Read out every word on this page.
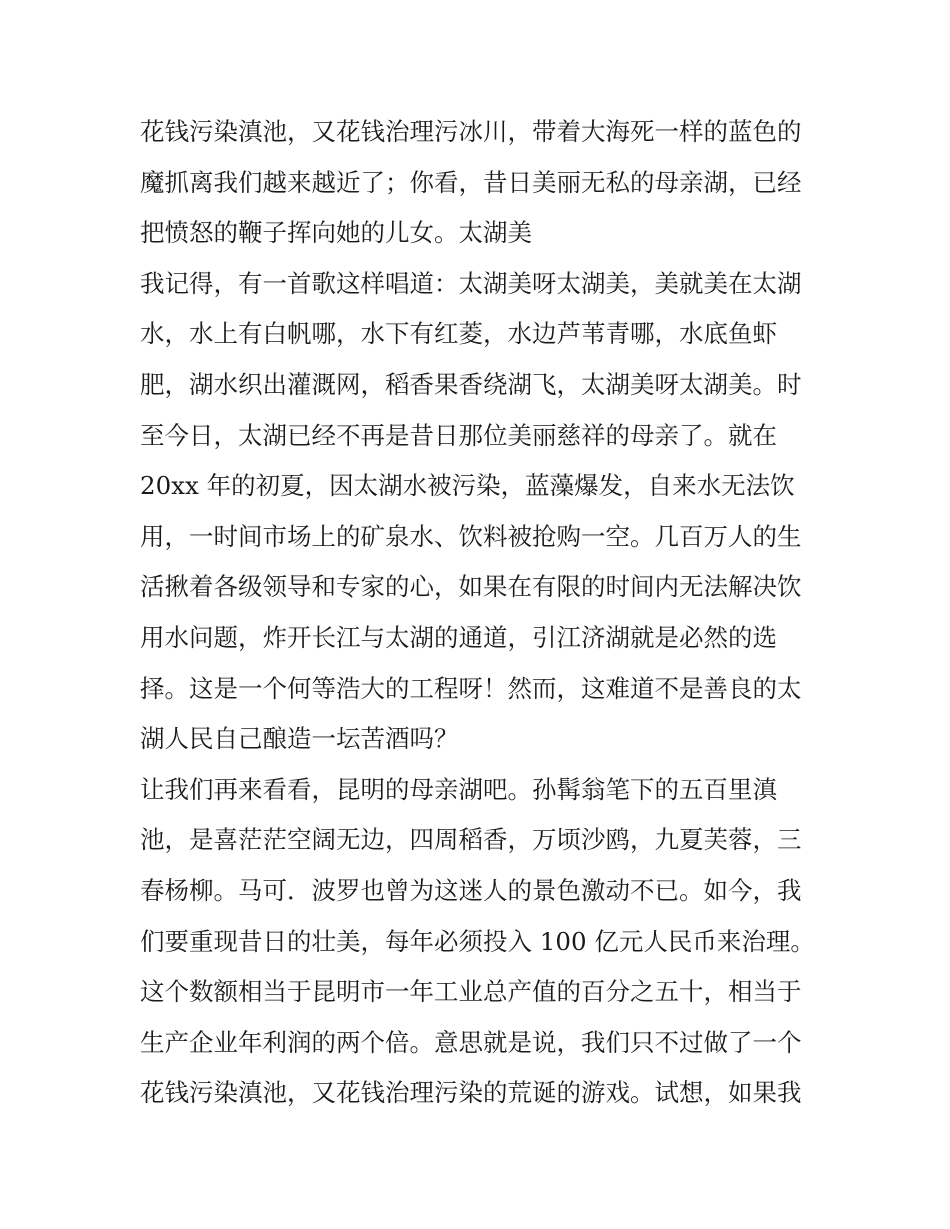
花钱污染滇池，又花钱治理污冰川，带着大海死一样的蓝色的
魔抓离我们越来越近了；你看，昔日美丽无私的母亲湖，已经
把愤怒的鞭子挥向她的儿女。太湖美
我记得，有一首歌这样唱道：太湖美呀太湖美，美就美在太湖
水，水上有白帆哪，水下有红菱，水边芦苇青哪，水底鱼虾
肥，湖水织出灌溉网，稻香果香绕湖飞，太湖美呀太湖美。时
至今日，太湖已经不再是昔日那位美丽慈祥的母亲了。就在
20xx 年的初夏，因太湖水被污染，蓝藻爆发，自来水无法饮
用，一时间市场上的矿泉水、饮料被抢购一空。几百万人的生
活揪着各级领导和专家的心，如果在有限的时间内无法解决饮
用水问题，炸开长江与太湖的通道，引江济湖就是必然的选
择。这是一个何等浩大的工程呀！然而，这难道不是善良的太
湖人民自己酿造一坛苦酒吗？
让我们再来看看，昆明的母亲湖吧。孙髯翁笔下的五百里滇
池，是喜茫茫空阔无边，四周稻香，万顷沙鸥，九夏芙蓉，三
春杨柳。马可．波罗也曾为这迷人的景色激动不已。如今，我
们要重现昔日的壮美，每年必须投入 100 亿元人民币来治理。
这个数额相当于昆明市一年工业总产值的百分之五十，相当于
生产企业年利润的两个倍。意思就是说，我们只不过做了一个
花钱污染滇池，又花钱治理污染的荒诞的游戏。试想，如果我
